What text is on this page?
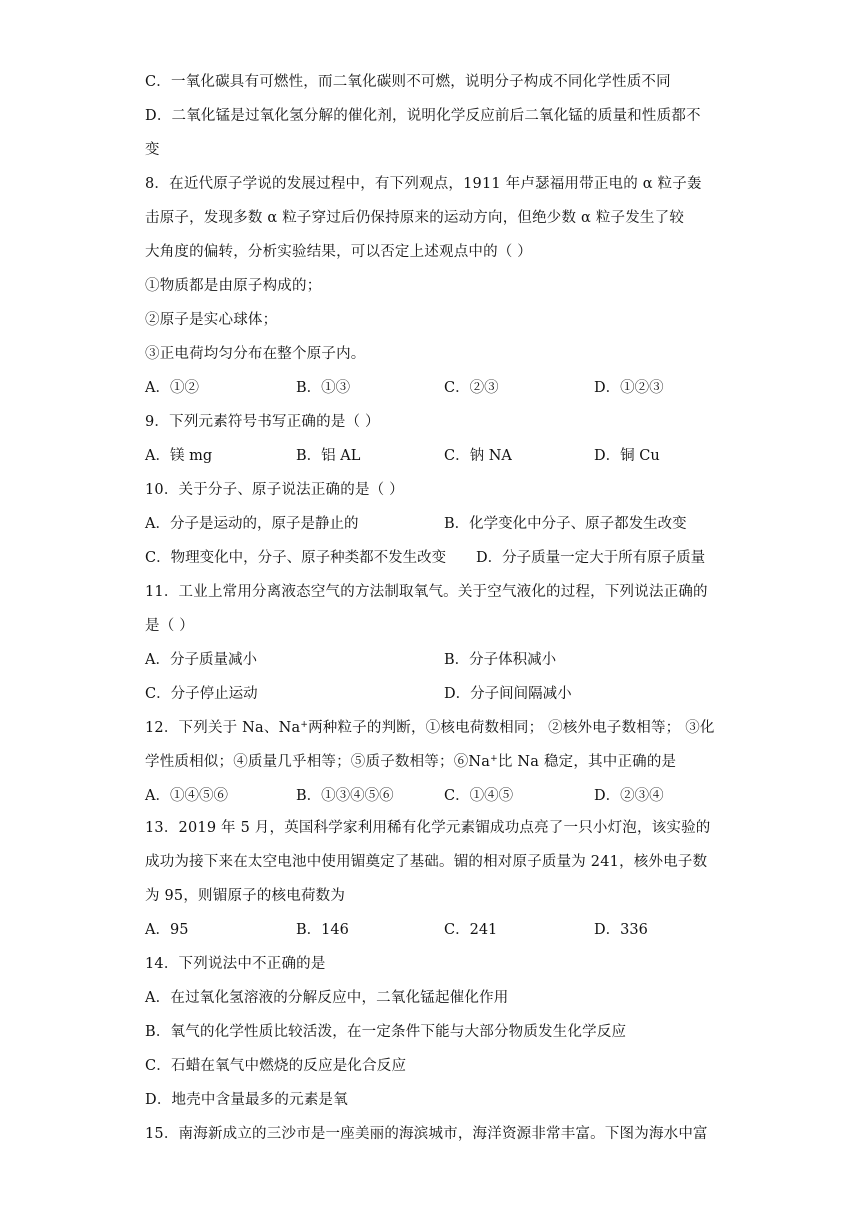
C．一氧化碳具有可燃性，而二氧化碳则不可燃，说明分子构成不同化学性质不同
D．二氧化锰是过氧化氢分解的催化剂，说明化学反应前后二氧化锰的质量和性质都不
变
8．在近代原子学说的发展过程中，有下列观点，1911 年卢瑟福用带正电的 α 粒子轰
击原子，发现多数 α 粒子穿过后仍保持原来的运动方向，但绝少数 α 粒子发生了较
大角度的偏转，分析实验结果，可以否定上述观点中的（ ）
①物质都是由原子构成的；
②原子是实心球体；
③正电荷均匀分布在整个原子内。
A．①②	B．①③	C．②③	D．①②③
9．下列元素符号书写正确的是（ ）
A．镁 mg	B．铝 AL	C．钠 NA	D．铜 Cu
10．关于分子、原子说法正确的是（ ）
A．分子是运动的，原子是静止的	B．化学变化中分子、原子都发生改变
C．物理变化中，分子、原子种类都不发生改变 D．分子质量一定大于所有原子质量
11．工业上常用分离液态空气的方法制取氧气。关于空气液化的过程，下列说法正确的
是（ ）
A．分子质量减小	B．分子体积减小
C．分子停止运动	D．分子间间隔减小
12．下列关于 Na、Na+两种粒子的判断，①核电荷数相同； ②核外电子数相等； ③化
学性质相似；④质量几乎相等；⑤质子数相等；⑥Na+比 Na 稳定，其中正确的是
A．①④⑤⑥	B．①③④⑤⑥	C．①④⑤	D．②③④
13．2019 年 5 月，英国科学家利用稀有化学元素镅成功点亮了一只小灯泡，该实验的
成功为接下来在太空电池中使用镅奠定了基础。镅的相对原子质量为 241，核外电子数
为 95，则镅原子的核电荷数为
A．95	B．146	C．241	D．336
14．下列说法中不正确的是
A．在过氧化氢溶液的分解反应中，二氧化锰起催化作用
B．氧气的化学性质比较活泼，在一定条件下能与大部分物质发生化学反应
C．石蜡在氧气中燃烧的反应是化合反应
D．地壳中含量最多的元素是氧
15．南海新成立的三沙市是一座美丽的海滨城市，海洋资源非常丰富。下图为海水中富
